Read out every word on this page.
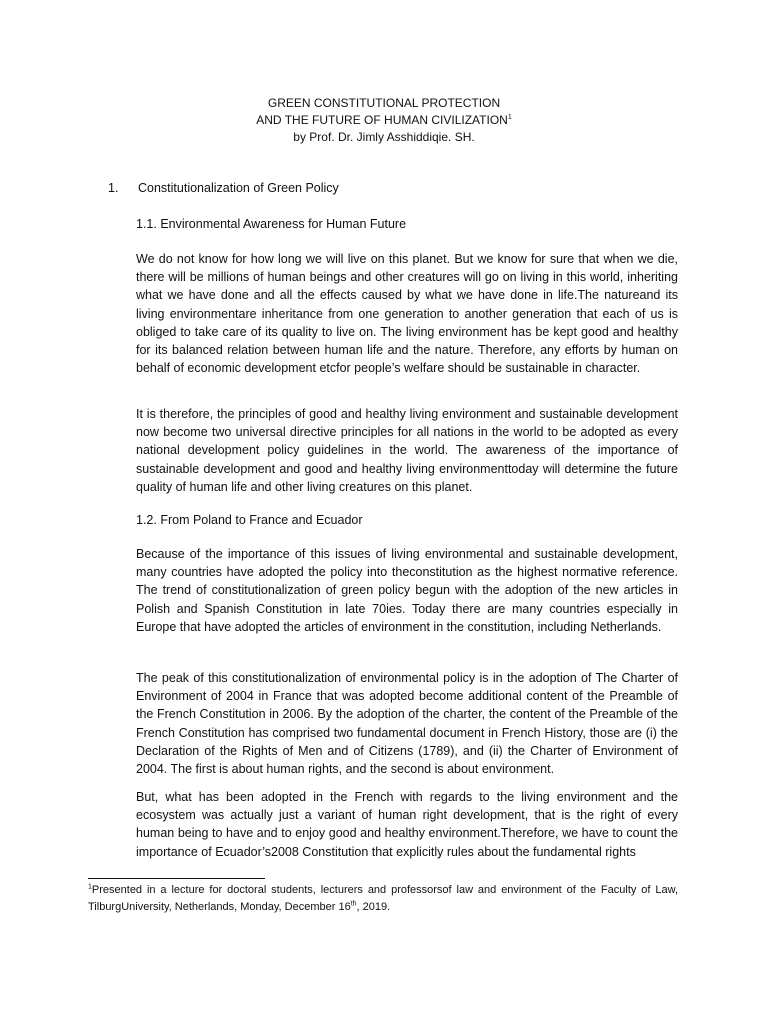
GREEN CONSTITUTIONAL PROTECTION
AND THE FUTURE OF HUMAN CIVILIZATION$^1$
by Prof. Dr. Jimly Asshiddiqie. SH.
1. Constitutionalization of Green Policy
1.1. Environmental Awareness for Human Future

We do not know for how long we will live on this planet. But we know for sure that when we die, there will be millions of human beings and other creatures will go on living in this world, inheriting what we have done and all the effects caused by what we have done in life.The natureand its living environmentare inheritance from one generation to another generation that each of us is obliged to take care of its quality to live on. The living environment has be kept good and healthy for its balanced relation between human life and the nature. Therefore, any efforts by human on behalf of economic development etcfor people’s welfare should be sustainable in character.

It is therefore, the principles of good and healthy living environment and sustainable development now become two universal directive principles for all nations in the world to be adopted as every national development policy guidelines in the world. The awareness of the importance of sustainable development and good and healthy living environmenttoday will determine the future quality of human life and other living creatures on this planet.

1.2. From Poland to France and Ecuador

Because of the importance of this issues of living environmental and sustainable development, many countries have adopted the policy into theconstitution as the highest normative reference. The trend of constitutionalization of green policy begun with the adoption of the new articles in Polish and Spanish Constitution in late 70ies. Today there are many countries especially in Europe that have adopted the articles of environment in the constitution, including Netherlands.

The peak of this constitutionalization of environmental policy is in the adoption of The Charter of Environment of 2004 in France that was adopted become additional content of the Preamble of the French Constitution in 2006. By the adoption of the charter, the content of the Preamble of the French Constitution has comprised two fundamental document in French History, those are (i) the Declaration of the Rights of Men and of Citizens (1789), and (ii) the Charter of Environment of 2004. The first is about human rights, and the second is about environment.

But, what has been adopted in the French with regards to the living environment and the ecosystem was actually just a variant of human right development, that is the right of every human being to have and to enjoy good and healthy environment.Therefore, we have to count the importance of Ecuador’s2008 Constitution that explicitly rules about the fundamental rights

$^1$Presented in a lecture for doctoral students, lecturers and professorsof law and environment of the Faculty of Law, TilburgUniversity, Netherlands, Monday, December 16th, 2019.
